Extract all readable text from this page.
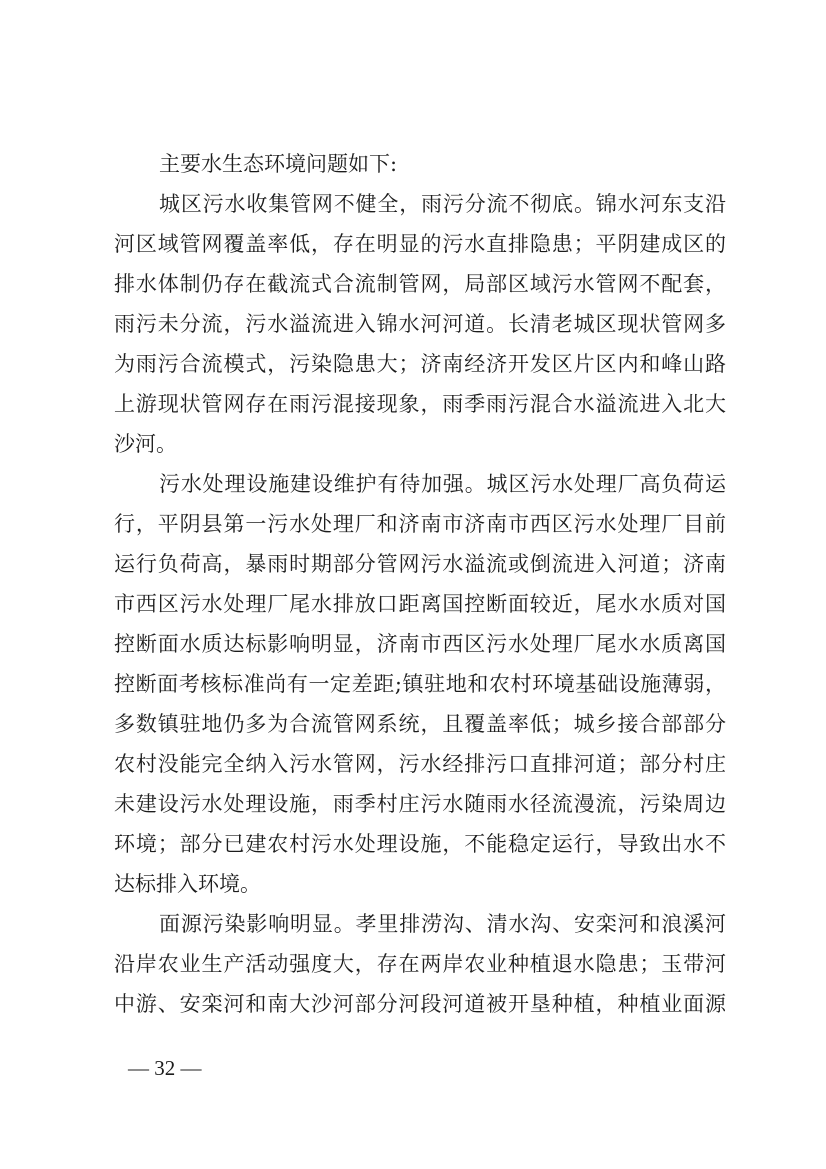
主要水生态环境问题如下:
城区污水收集管网不健全，雨污分流不彻底。锦水河东支沿
河区域管网覆盖率低，存在明显的污水直排隐患；平阴建成区的
排水体制仍存在截流式合流制管网，局部区域污水管网不配套，
雨污未分流，污水溢流进入锦水河河道。长清老城区现状管网多
为雨污合流模式，污染隐患大；济南经济开发区片区内和峰山路
上游现状管网存在雨污混接现象，雨季雨污混合水溢流进入北大
沙河。
污水处理设施建设维护有待加强。城区污水处理厂高负荷运
行，平阴县第一污水处理厂和济南市济南市西区污水处理厂目前
运行负荷高，暴雨时期部分管网污水溢流或倒流进入河道；济南
市西区污水处理厂尾水排放口距离国控断面较近，尾水水质对国
控断面水质达标影响明显，济南市西区污水处理厂尾水水质离国
控断面考核标准尚有一定差距;镇驻地和农村环境基础设施薄弱，
多数镇驻地仍多为合流管网系统，且覆盖率低；城乡接合部部分
农村没能完全纳入污水管网，污水经排污口直排河道；部分村庄
未建设污水处理设施，雨季村庄污水随雨水径流漫流，污染周边
环境；部分已建农村污水处理设施，不能稳定运行，导致出水不
达标排入环境。
面源污染影响明显。孝里排涝沟、清水沟、安栾河和浪溪河
沿岸农业生产活动强度大，存在两岸农业种植退水隐患；玉带河
中游、安栾河和南大沙河部分河段河道被开垦种植，种植业面源
— 32 —
